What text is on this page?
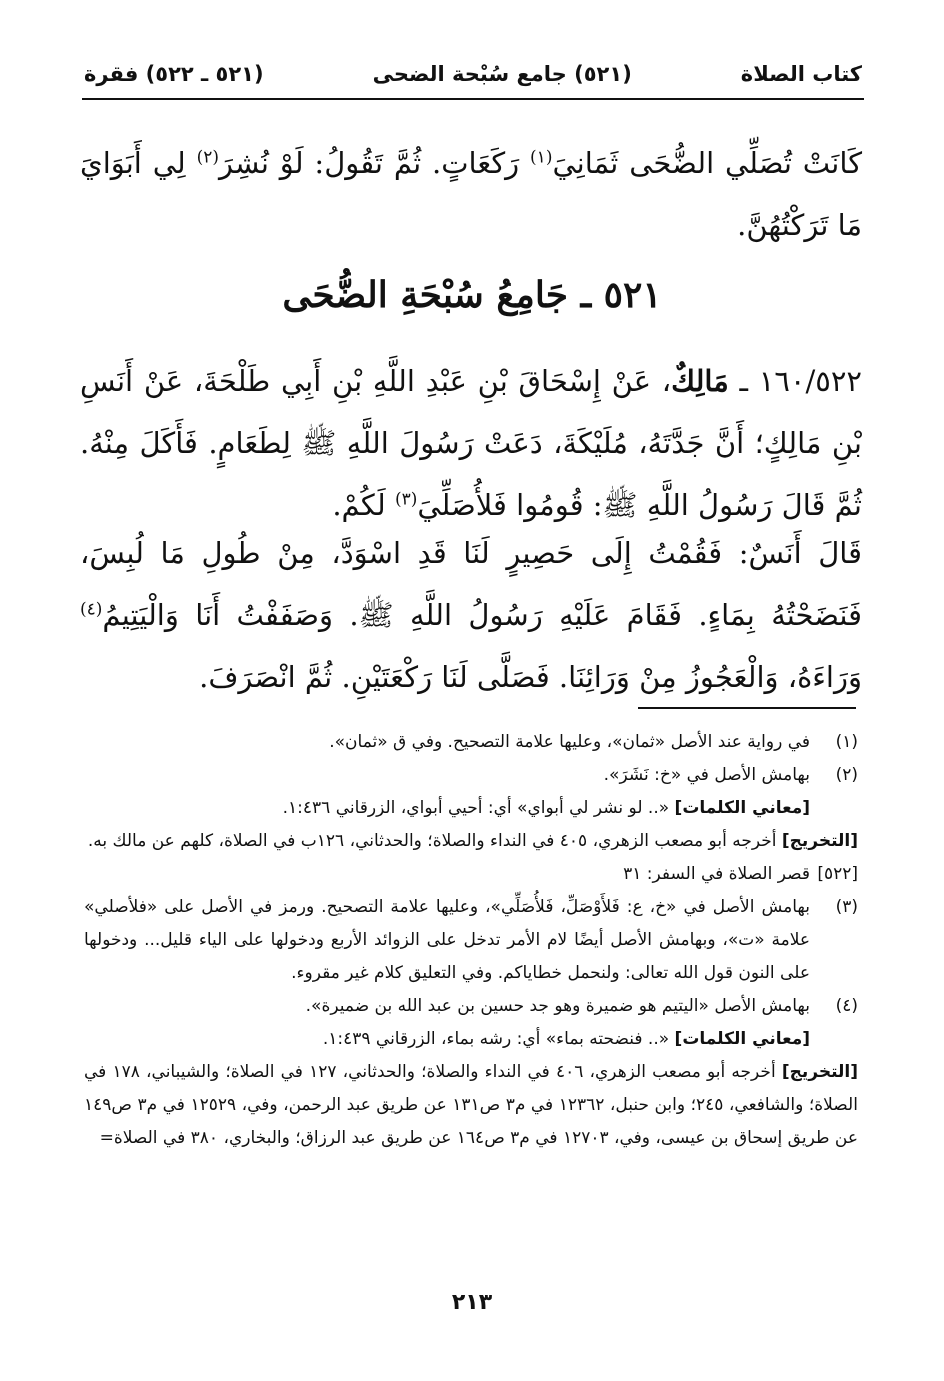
كتاب الصلاة
(٥٢١) جامع سُبْحة الضحى
(٥٢١ ـ ٥٢٢) فقرة

كَانَتْ تُصَلِّي الضُّحَى ثَمَانِيَ$^{(١)}$ رَكَعَاتٍ. ثُمَّ تَقُولُ: لَوْ نُشِرَ$^{(٢)}$ لِي أَبَوَايَ مَا تَرَكْتُهُنَّ.

٥٢١ ـ جَامِعُ سُبْحَةِ الضُّحَى

١٦٠/٥٢٢ ـ مَالِكٌ، عَنْ إِسْحَاقَ بْنِ عَبْدِ اللَّهِ بْنِ أَبِي طَلْحَةَ، عَنْ أَنَسِ بْنِ مَالِكٍ؛ أَنَّ جَدَّتَهُ، مُلَيْكَةَ، دَعَتْ رَسُولَ اللَّهِ ﷺ لِطَعَامٍ. فَأَكَلَ مِنْهُ. ثُمَّ قَالَ رَسُولُ اللَّهِ ﷺ: قُومُوا فَلأُصَلِّيَ$^{(٣)}$ لَكُمْ.

قَالَ أَنَسٌ: فَقُمْتُ إِلَى حَصِيرٍ لَنَا قَدِ اسْوَدَّ، مِنْ طُولِ مَا لُبِسَ، فَنَضَحْتُهُ بِمَاءٍ. فَقَامَ عَلَيْهِ رَسُولُ اللَّهِ ﷺ. وَصَفَفْتُ أَنَا وَالْيَتِيمُ$^{(٤)}$ وَرَاءَهُ، وَالْعَجُوزُ مِنْ وَرَائِنَا. فَصَلَّى لَنَا رَكْعَتَيْنِ. ثُمَّ انْصَرَفَ.

(١)
في رواية عند الأصل «ثمان»، وعليها علامة التصحيح. وفي ق «ثمان».
(٢)
بهامش الأصل في «خ: نَشَرَ».
[معاني الكلمات] «.. لو نشر لي أبواي» أي: أحيي أبواي، الزرقاني ١:٤٣٦.
[التخريج] أخرجه أبو مصعب الزهري، ٤٠٥ في النداء والصلاة؛ والحدثاني، ١٢٦ب في الصلاة، كلهم عن مالك به.
[٥٢٢]
قصر الصلاة في السفر: ٣١
(٣)
بهامش الأصل في «خ، ع: فَلأَوْصَلِّ، فَلأُصَلِّي»، وعليها علامة التصحيح. ورمز في الأصل على «فلأصلي» علامة «ت»، وبهامش الأصل أيضًا لام الأمر تدخل على الزوائد الأربع ودخولها على الياء قليل... ودخولها على النون قول الله تعالى: ولنحمل خطاياكم. وفي التعليق كلام غير مقروء.
(٤)
بهامش الأصل «اليتيم هو ضميرة وهو جد حسين بن عبد الله بن ضميرة».
[معاني الكلمات] «.. فنضحته بماء» أي: رشه بماء، الزرقاني ١:٤٣٩.
[التخريج] أخرجه أبو مصعب الزهري، ٤٠٦ في النداء والصلاة؛ والحدثاني، ١٢٧ في الصلاة؛ والشيباني، ١٧٨ في الصلاة؛ والشافعي، ٢٤٥؛ وابن حنبل، ١٢٣٦٢ في م٣ ص١٣١ عن طريق عبد الرحمن، وفي، ١٢٥٢٩ في م٣ ص١٤٩ عن طريق إسحاق بن عيسى، وفي، ١٢٧٠٣ في م٣ ص١٦٤ عن طريق عبد الرزاق؛ والبخاري، ٣٨٠ في الصلاة=
٢١٣
